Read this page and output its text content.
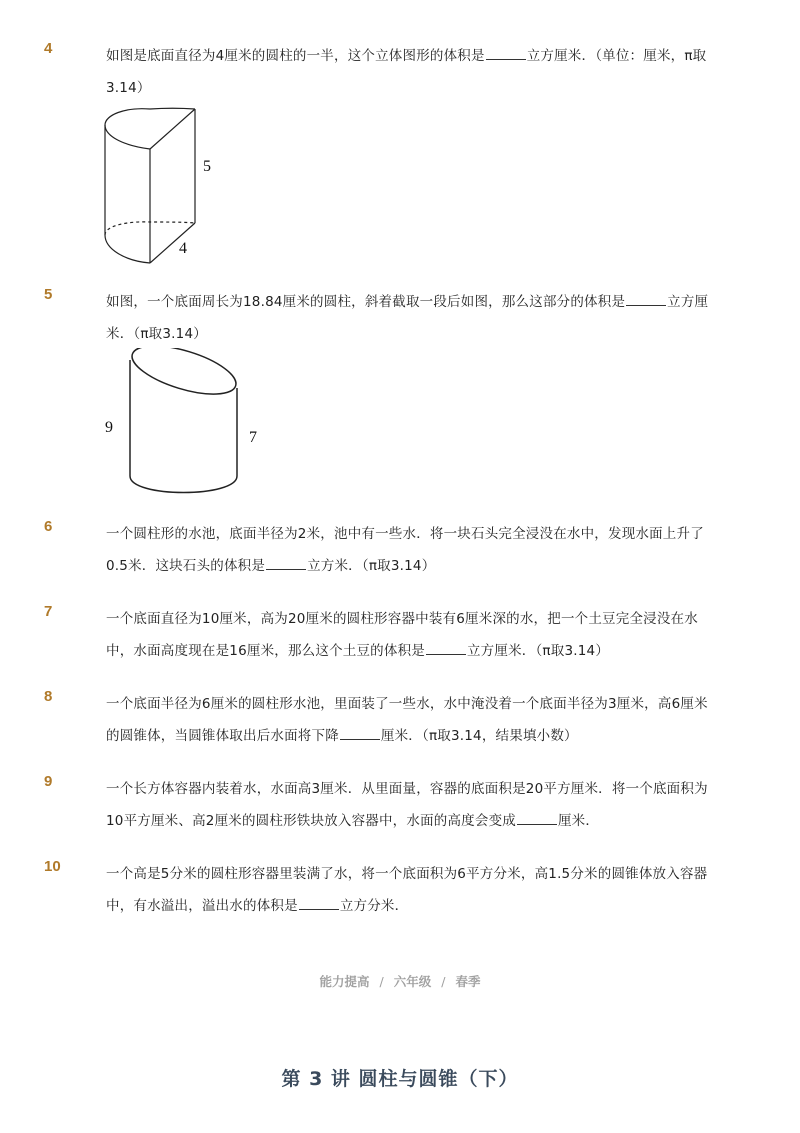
4	如图是底面直径为4厘米的圆柱的一半，这个立体图形的体积是	立方厘米．（单位：厘米，π取3.14）
5
4
5	如图，一个底面周长为18.84厘米的圆柱，斜着截取一段后如图，那么这部分的体积是	立方厘米．（π取3.14）
9
7
6	一个圆柱形的水池，底面半径为2米，池中有一些水．将一块石头完全浸没在水中，发现水面上升了0.5米．这块石头的体积是	立方米．（π取3.14）
7	一个底面直径为10厘米，高为20厘米的圆柱形容器中装有6厘米深的水，把一个土豆完全浸没在水中，水面高度现在是16厘米，那么这个土豆的体积是	立方厘米．（π取3.14）
8	一个底面半径为6厘米的圆柱形水池，里面装了一些水，水中淹没着一个底面半径为3厘米，高6厘米的圆锥体，当圆锥体取出后水面将下降	厘米．（π取3.14，结果填小数）
9	一个长方体容器内装着水，水面高3厘米．从里面量，容器的底面积是20平方厘米．将一个底面积为10平方厘米、高2厘米的圆柱形铁块放入容器中，水面的高度会变成	厘米．
10	一个高是5分米的圆柱形容器里装满了水，将一个底面积为6平方分米，高1.5分米的圆锥体放入容器中，有水溢出，溢出水的体积是	立方分米．
能力提高 / 六年级 / 春季
第 3 讲 圆柱与圆锥（下）
